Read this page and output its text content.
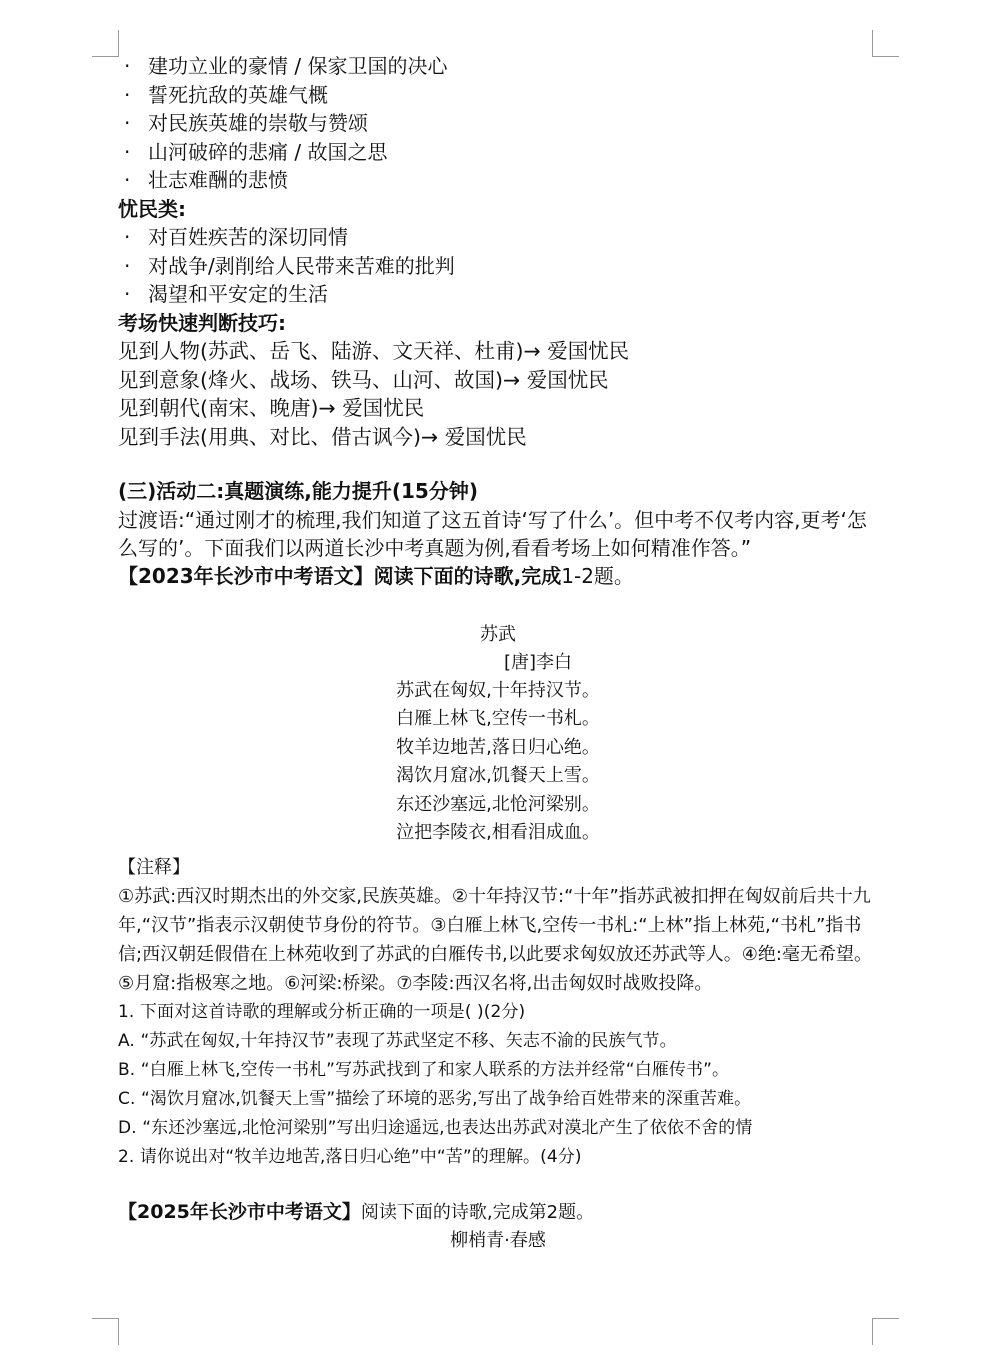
· 建功立业的豪情 / 保家卫国的决心
· 誓死抗敌的英雄气概
· 对民族英雄的崇敬与赞颂
· 山河破碎的悲痛 / 故国之思
· 壮志难酬的悲愤
忧民类:
· 对百姓疾苦的深切同情
· 对战争/剥削给人民带来苦难的批判
· 渴望和平安定的生活
考场快速判断技巧:
见到人物(苏武、岳飞、陆游、文天祥、杜甫)→ 爱国忧民
见到意象(烽火、战场、铁马、山河、故国)→ 爱国忧民
见到朝代(南宋、晚唐)→ 爱国忧民
见到手法(用典、对比、借古讽今)→ 爱国忧民
(三)活动二:真题演练,能力提升(15分钟)
过渡语:“通过刚才的梳理,我们知道了这五首诗‘写了什么’。但中考不仅考内容,更考‘怎么写的’。下面我们以两道长沙中考真题为例,看看考场上如何精准作答。”
【2023年长沙市中考语文】阅读下面的诗歌,完成1-2题。
苏武
[唐]李白
苏武在匈奴,十年持汉节。
白雁上林飞,空传一书札。
牧羊边地苦,落日归心绝。
渴饮月窟冰,饥餐天上雪。
东还沙塞远,北怆河梁别。
泣把李陵衣,相看泪成血。
【注释】
①苏武:西汉时期杰出的外交家,民族英雄。②十年持汉节:“十年”指苏武被扣押在匈奴前后共十九年,“汉节”指表示汉朝使节身份的符节。③白雁上林飞,空传一书札:“上林”指上林苑,“书札”指书信;西汉朝廷假借在上林苑收到了苏武的白雁传书,以此要求匈奴放还苏武等人。④绝:毫无希望。⑤月窟:指极寒之地。⑥河梁:桥梁。⑦李陵:西汉名将,出击匈奴时战败投降。
1. 下面对这首诗歌的理解或分析正确的一项是( )(2分)
A. “苏武在匈奴,十年持汉节”表现了苏武坚定不移、矢志不渝的民族气节。
B. “白雁上林飞,空传一书札”写苏武找到了和家人联系的方法并经常“白雁传书”。
C. “渴饮月窟冰,饥餐天上雪”描绘了环境的恶劣,写出了战争给百姓带来的深重苦难。
D. “东还沙塞远,北怆河梁别”写出归途遥远,也表达出苏武对漠北产生了依依不舍的情
2. 请你说出对“牧羊边地苦,落日归心绝”中“苦”的理解。(4分)
【2025年长沙市中考语文】阅读下面的诗歌,完成第2题。
柳梢青·春感
